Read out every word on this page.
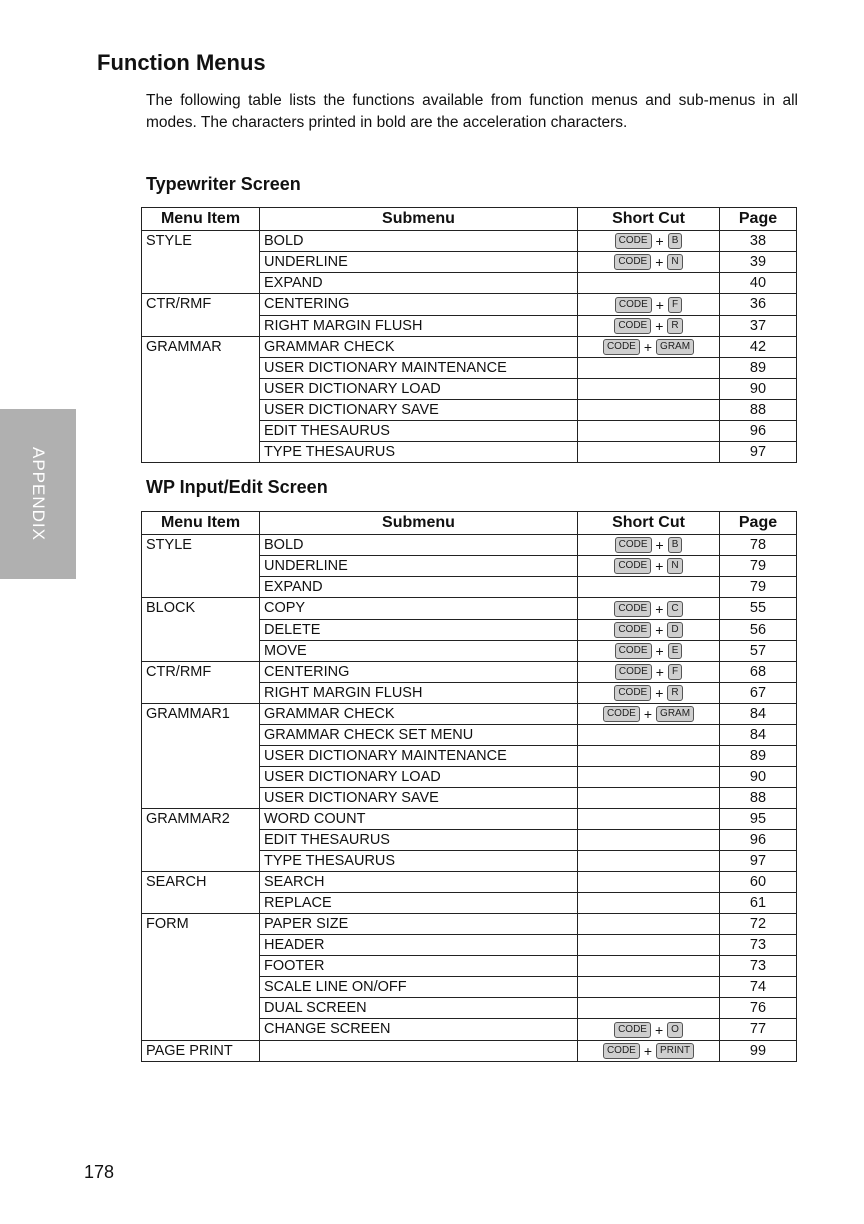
Function Menus

The following table lists the functions available from function menus and sub-menus in all modes. The characters printed in bold are the acceleration characters.

Typewriter Screen
Menu Item	Submenu	Short Cut	Page
STYLE	BOLD	CODE + B	38
	UNDERLINE	CODE + N	39
	EXPAND		40
CTR/RMF	CENTERING	CODE + F	36
	RIGHT MARGIN FLUSH	CODE + R	37
GRAMMAR	GRAMMAR CHECK	CODE + GRAM	42
	USER DICTIONARY MAINTENANCE		89
	USER DICTIONARY LOAD		90
	USER DICTIONARY SAVE		88
	EDIT THESAURUS		96
	TYPE THESAURUS		97
WP Input/Edit Screen
Menu Item	Submenu	Short Cut	Page
STYLE	BOLD	CODE + B	78
	UNDERLINE	CODE + N	79
	EXPAND		79
BLOCK	COPY	CODE + C	55
	DELETE	CODE + D	56
	MOVE	CODE + E	57
CTR/RMF	CENTERING	CODE + F	68
	RIGHT MARGIN FLUSH	CODE + R	67
GRAMMAR1	GRAMMAR CHECK	CODE + GRAM	84
	GRAMMAR CHECK SET MENU		84
	USER DICTIONARY MAINTENANCE		89
	USER DICTIONARY LOAD		90
	USER DICTIONARY SAVE		88
GRAMMAR2	WORD COUNT		95
	EDIT THESAURUS		96
	TYPE THESAURUS		97
SEARCH	SEARCH		60
	REPLACE		61
FORM	PAPER SIZE		72
	HEADER		73
	FOOTER		73
	SCALE LINE ON/OFF		74
	DUAL SCREEN		76
	CHANGE SCREEN	CODE + O	77
PAGE PRINT		CODE + PRINT	99
APPENDIX
178
